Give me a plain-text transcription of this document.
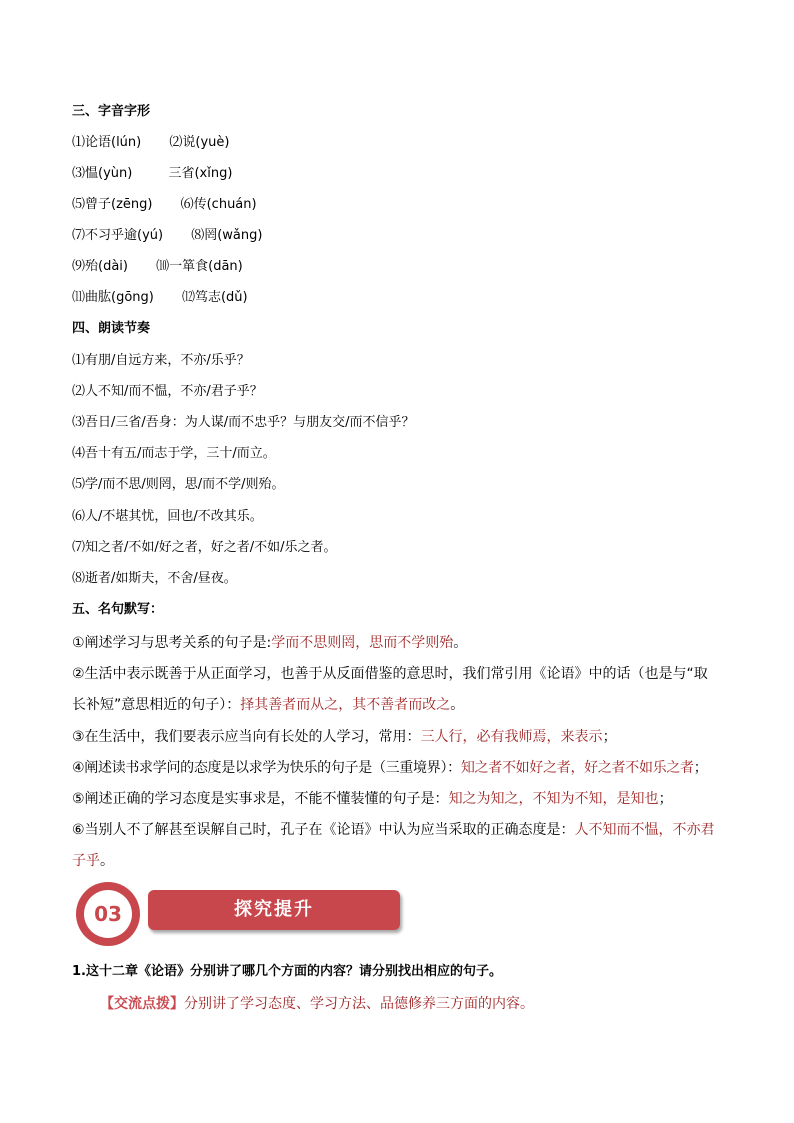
三、字音字形
⑴论语(lún) ⑵说(yuè)
⑶愠(yùn)	三省(xǐng)
⑸曾子(zēng) ⑹传(chuán)
⑺不习乎逾(yú) ⑻罔(wǎng)
⑼殆(dài) ⑽一箪食(dān)
⑾曲肱(gōng) ⑿笃志(dǔ)
四、朗读节奏
⑴有朋/自远方来，不亦/乐乎？
⑵人不知/而不愠，不亦/君子乎？
⑶吾日/三省/吾身：为人谋/而不忠乎？与朋友交/而不信乎？
⑷吾十有五/而志于学，三十/而立。
⑸学/而不思/则罔，思/而不学/则殆。
⑹人/不堪其忧，回也/不改其乐。
⑺知之者/不如/好之者，好之者/不如/乐之者。
⑻逝者/如斯夫，不舍/昼夜。
五、名句默写：
①阐述学习与思考关系的句子是:学而不思则罔，思而不学则殆。
②生活中表示既善于从正面学习，也善于从反面借鉴的意思时，我们常引用《论语》中的话（也是与“取
长补短”意思相近的句子）：择其善者而从之，其不善者而改之。
③在生活中，我们要表示应当向有长处的人学习，常用：三人行，必有我师焉，来表示；
④阐述读书求学问的态度是以求学为快乐的句子是（三重境界）：知之者不如好之者，好之者不如乐之者；
⑤阐述正确的学习态度是实事求是，不能不懂装懂的句子是：知之为知之，不知为不知，是知也；
⑥当别人不了解甚至误解自己时，孔子在《论语》中认为应当采取的正确态度是：人不知而不愠，不亦君
子乎。
03	探究提升
1.这十二章《论语》分别讲了哪几个方面的内容？请分别找出相应的句子。
【交流点拨】分别讲了学习态度、学习方法、品德修养三方面的内容。
